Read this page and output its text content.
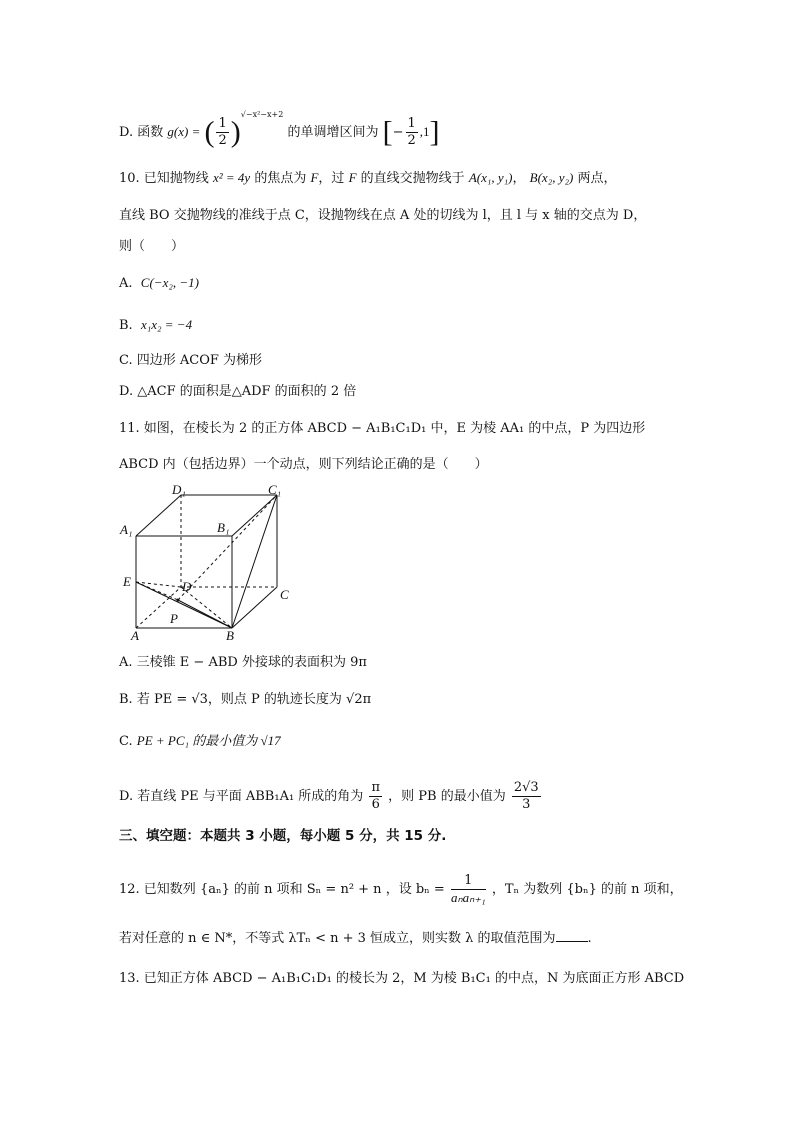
D. 函数 g(x) = ( $\frac{1}{2} )^{√-x^2-x+2}$ 的单调增区间为 [− $\frac{1}{2} ,1$]
10. 已知抛物线 x² = 4y 的焦点为 F，过 F 的直线交抛物线于 A(x₁, y₁)， B(x₂, y₂) 两点，
直线 BO 交抛物线的准线于点 C，设抛物线在点 A 处的切线为 l，且 l 与 x 轴的交点为 D，
则（　　）
A. C(−x₂, −1)
B. x₁x₂ = −4
C. 四边形 ACOF 为梯形
D. △ACF 的面积是△ADF 的面积的 2 倍
11. 如图，在棱长为 2 的正方体 ABCD − A₁B₁C₁D₁ 中，E 为棱 AA₁ 的中点，P 为四边形
ABCD 内（包括边界）一个动点，则下列结论正确的是（　　）
D₁	C₁
A₁	B₁
E	D
C
P
A	B
A. 三棱锥 E − ABD 外接球的表面积为 9π
B. 若 PE = √3，则点 P 的轨迹长度为 √2π
C. PE + PC₁ 的最小值为 √17
D. 若直线 PE 与平面 ABB₁A₁ 所成的角为 $\frac{\pi}{6}$ ，则 PB 的最小值为 $\frac{2√3}{3}$
三、填空题：本题共 3 小题，每小题 5 分，共 15 分.
12. 已知数列 {aₙ} 的前 n 项和 Sₙ = n² + n ，设 $b_n = \frac{1}{\text{aₙaₙ₊₁}}$ ，Tₙ 为数列 {bₙ} 的前 n 项和，
若对任意的 n ∈ N*，不等式 λTₙ < n + 3 恒成立，则实数 λ 的取值范围为 .
13. 已知正方体 ABCD − A₁B₁C₁D₁ 的棱长为 2，M 为棱 B₁C₁ 的中点，N 为底面正方形 ABCD
